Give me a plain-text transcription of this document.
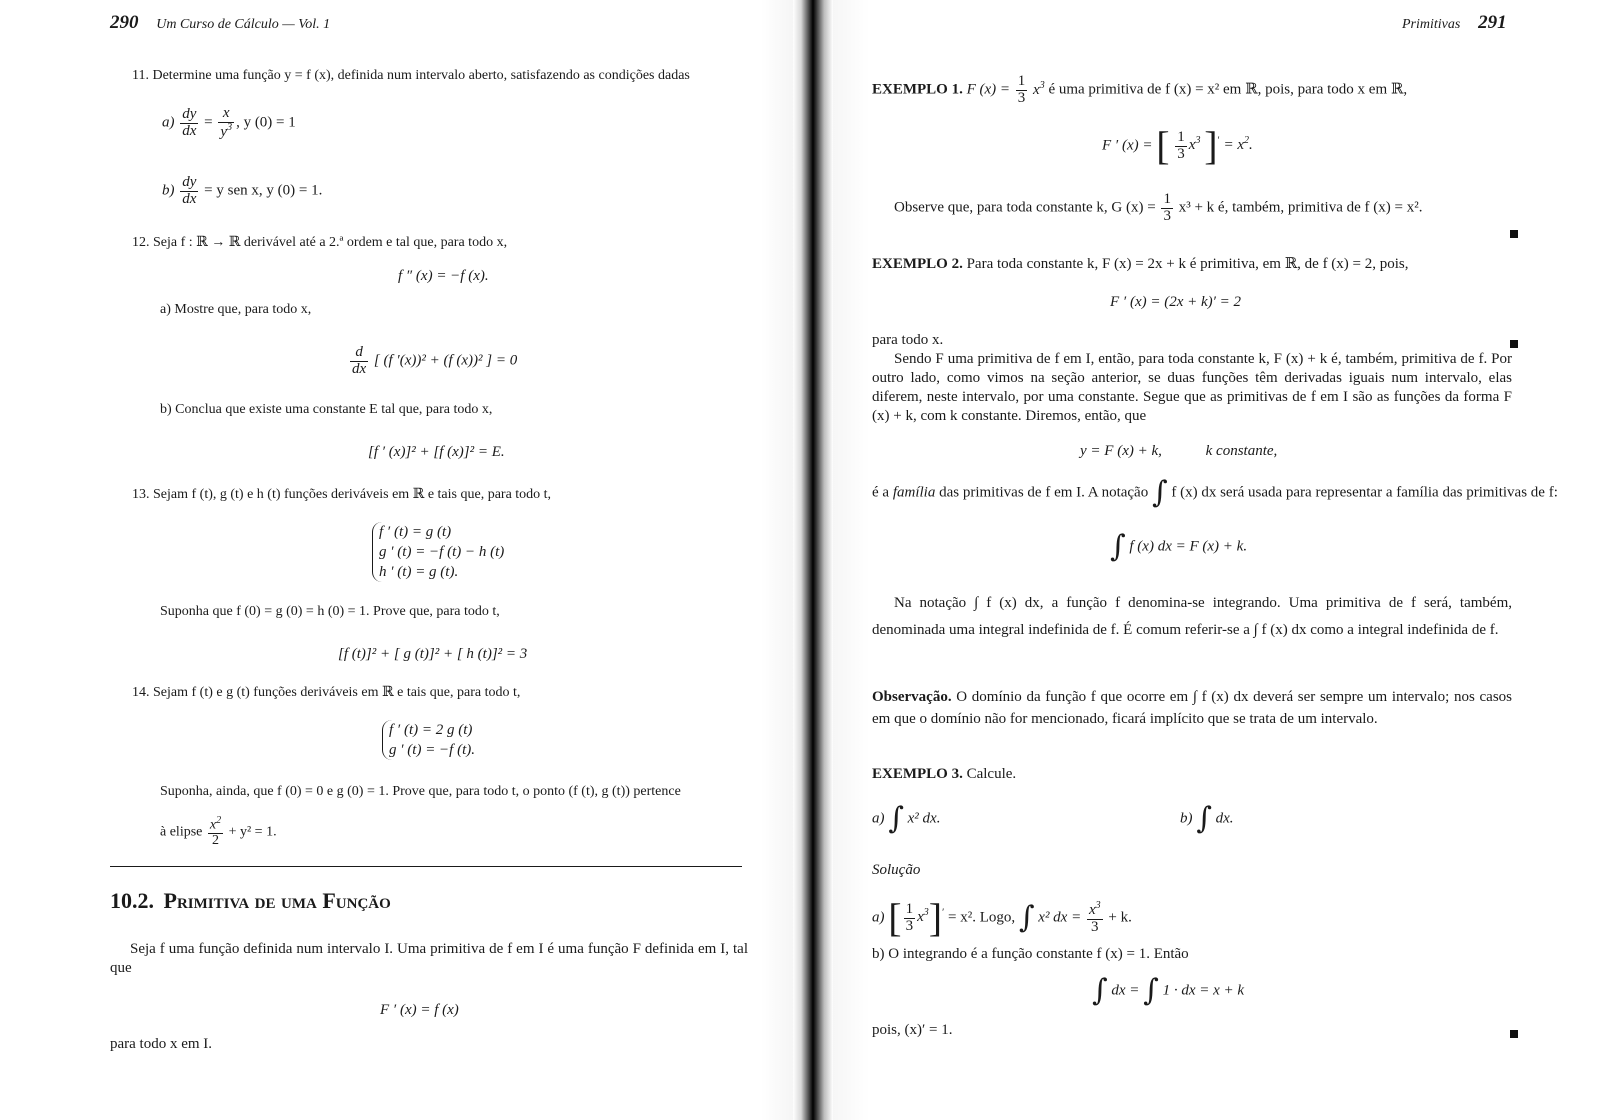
290 Um Curso de Cálculo — Vol. 1
11. Determine uma função y = f (x), definida num intervalo aberto, satisfazendo as condições dadas
$a) \frac{dy}{dx} = \frac{x}{y^3}$ , y (0) = 1
$b) \frac{dy}{dx} = y$ sen x, y (0) = 1.
12. Seja f : ℝ → ℝ derivável até a 2.ª ordem e tal que, para todo x,
f ″ (x) = −f (x).
a) Mostre que, para todo x,
$\frac{d}{dx}$ [ (f ′(x))² + (f (x))² ] = 0
b) Conclua que existe uma constante E tal que, para todo x,
[f ′ (x)]² + [f (x)]² = E.
13. Sejam f (t), g (t) e h (t) funções deriváveis em ℝ e tais que, para todo t,
f ′ (t) = g (t)
g ′ (t) = −f (t) − h (t)
h ′ (t) = g (t).
Suponha que f (0) = g (0) = h (0) = 1. Prove que, para todo t,
[f (t)]² + [ g (t)]² + [ h (t)]² = 3
14. Sejam f (t) e g (t) funções deriváveis em ℝ e tais que, para todo t,
f ′ (t) = 2 g (t)
g ′ (t) = −f (t).
Suponha, ainda, que f (0) = 0 e g (0) = 1. Prove que, para todo t, o ponto (f (t), g (t)) pertence
à elipse $\frac{x^2}{2} + y^2 = 1$.
10.2. Primitiva de uma Função
Seja f uma função definida num intervalo I. Uma primitiva de f em I é uma função F definida em I, tal que
F ′ (x) = f (x)
para todo x em I.
Primitivas 291
EXEMPLO 1. F $(x) = \frac{1}{3} x^3$ é uma primitiva de f (x) = x² em ℝ, pois, para todo x em ℝ,
F ′ (x) = [ $\frac{1}{3} x^3$ ]$' = x^2$.
Observe que, para toda constante k, G $(x) = \frac{1}{3} x^3 + k$ é, também, primitiva de f (x) = x².
EXEMPLO 2. Para toda constante k, F (x) = 2x + k é primitiva, em ℝ, de f (x) = 2, pois,
F ′ (x) = (2x + k)′ = 2
para todo x.
Sendo F uma primitiva de f em I, então, para toda constante k, F (x) + k é, também, primitiva de f. Por outro lado, como vimos na seção anterior, se duas funções têm derivadas iguais num intervalo, elas diferem, neste intervalo, por uma constante. Segue que as primitivas de f em I são as funções da forma F (x) + k, com k constante. Diremos, então, que
y = F (x) + k,	k constante,
é a família das primitivas de f em I. A notação ∫ f (x) dx será usada para representar a família das primitivas de f:
∫ f (x) dx = F (x) + k.
Na notação ∫ f (x) dx, a função f denomina-se integrando. Uma primitiva de f será, também, denominada uma integral indefinida de f. É comum referir-se a ∫ f (x) dx como a integral indefinida de f.
Observação. O domínio da função f que ocorre em ∫ f (x) dx deverá ser sempre um intervalo; nos casos em que o domínio não for mencionado, ficará implícito que se trata de um intervalo.
EXEMPLO 3. Calcule.
a) ∫ x² dx.	b) ∫ dx.
Solução
a) [ $\frac{1}{3} x^3]' = x^2$. Logo, ∫ x² dx = $\frac{x^3}{3} + k$.
b) O integrando é a função constante f (x) = 1. Então
∫ dx = ∫ 1 · dx = x + k
pois, (x)′ = 1.
